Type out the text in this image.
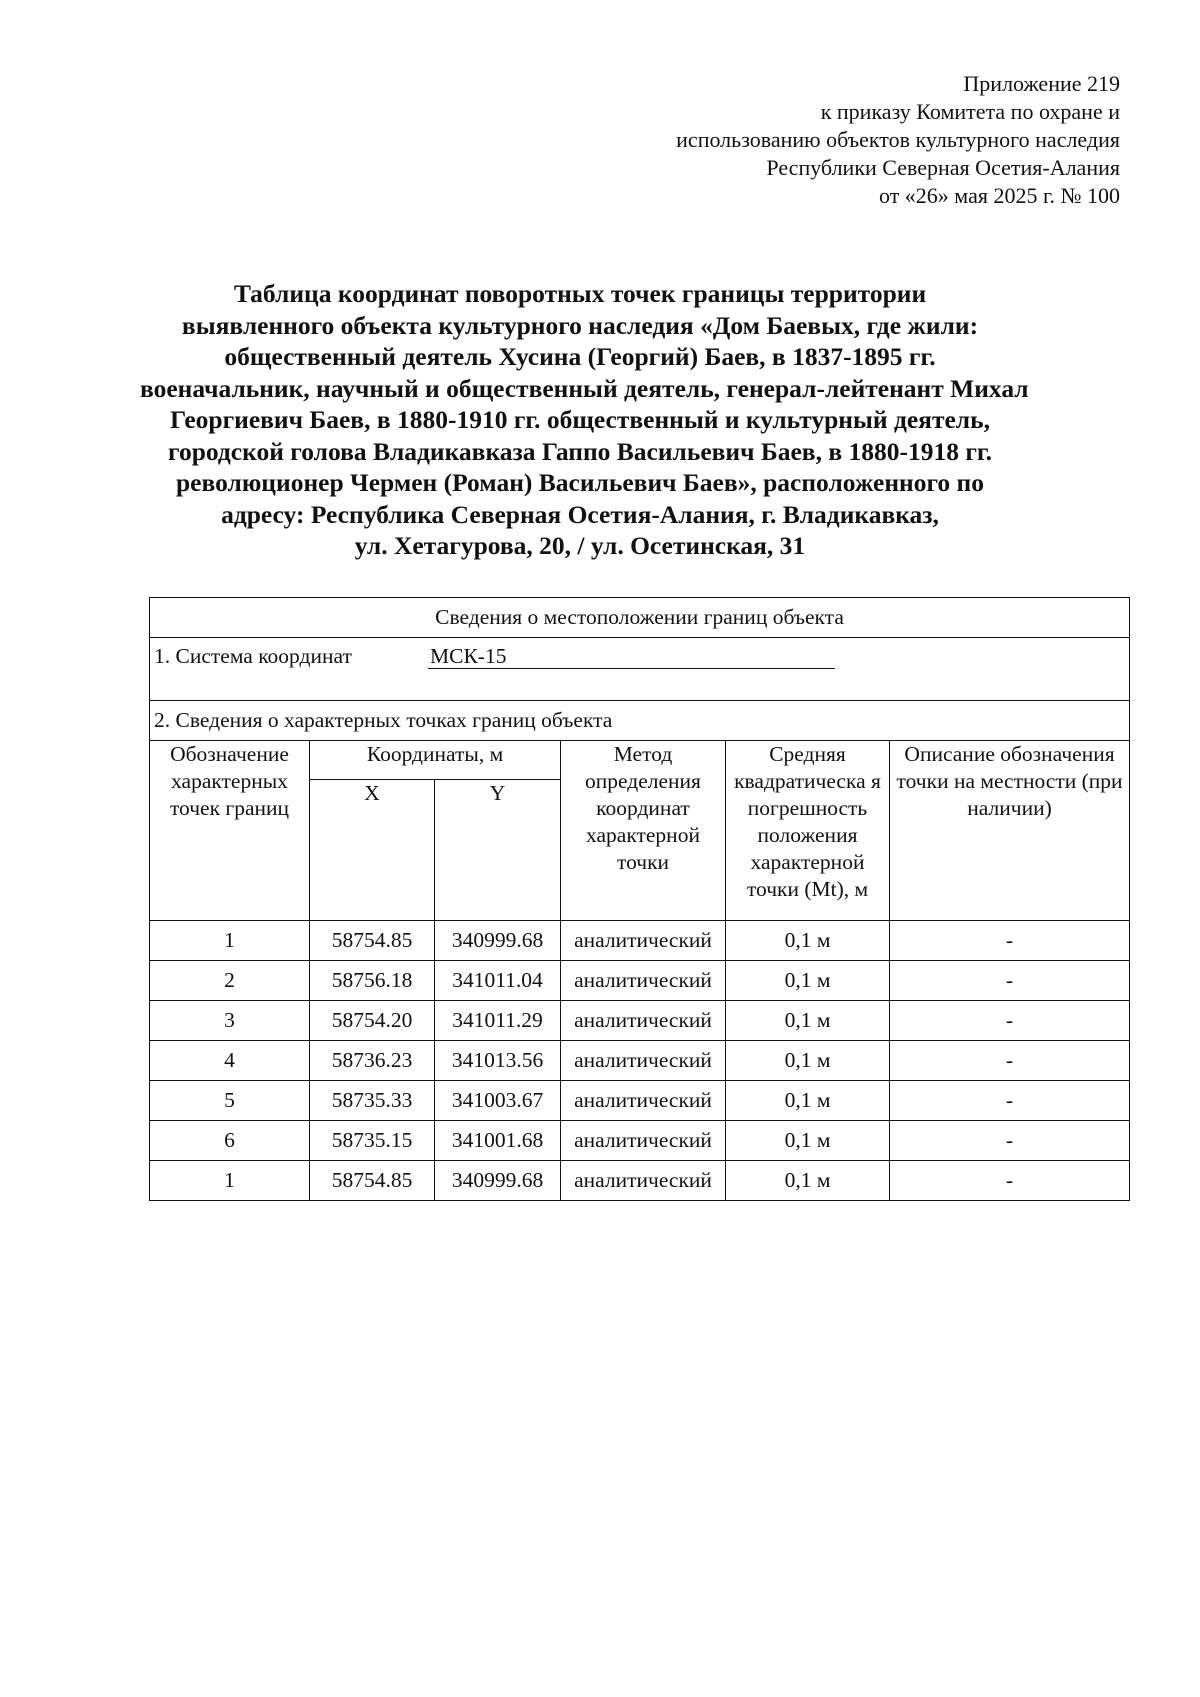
Приложение 219
к приказу Комитета по охране и
использованию объектов культурного наследия
Республики Северная Осетия-Алания
от «26» мая 2025 г. № 100
Таблица координат поворотных точек границы территории
выявленного объекта культурного наследия «Дом Баевых, где жили:
общественный деятель Хусина (Георгий) Баев, в 1837-1895 гг.
военачальник, научный и общественный деятель, генерал-лейтенант Михал
Георгиевич Баев, в 1880-1910 гг. общественный и культурный деятель,
городской голова Владикавказа Гаппо Васильевич Баев, в 1880-1918 гг.
революционер Чермен (Роман) Васильевич Баев», расположенного по
адресу: Республика Северная Осетия-Алания, г. Владикавказ,
ул. Хетагурова, 20, / ул. Осетинская, 31
Сведения о местоположении границ объекта					

1. Система координат МСК-15					

2. Сведения о характерных точках границ объекта					
Обозначение характерных точек границ	Координаты, м		Метод определения координат характерной точки	Средняя квадратическа я погрешность положения характерной точки (Mt), м	Описание обозначения точки на местности (при наличии)
	X	Y			
1	58754.85	340999.68	аналитический	0,1 м	-
2	58756.18	341011.04	аналитический	0,1 м	-
3	58754.20	341011.29	аналитический	0,1 м	-
4	58736.23	341013.56	аналитический	0,1 м	-
5	58735.33	341003.67	аналитический	0,1 м	-
6	58735.15	341001.68	аналитический	0,1 м	-
1	58754.85	340999.68	аналитический	0,1 м	-
